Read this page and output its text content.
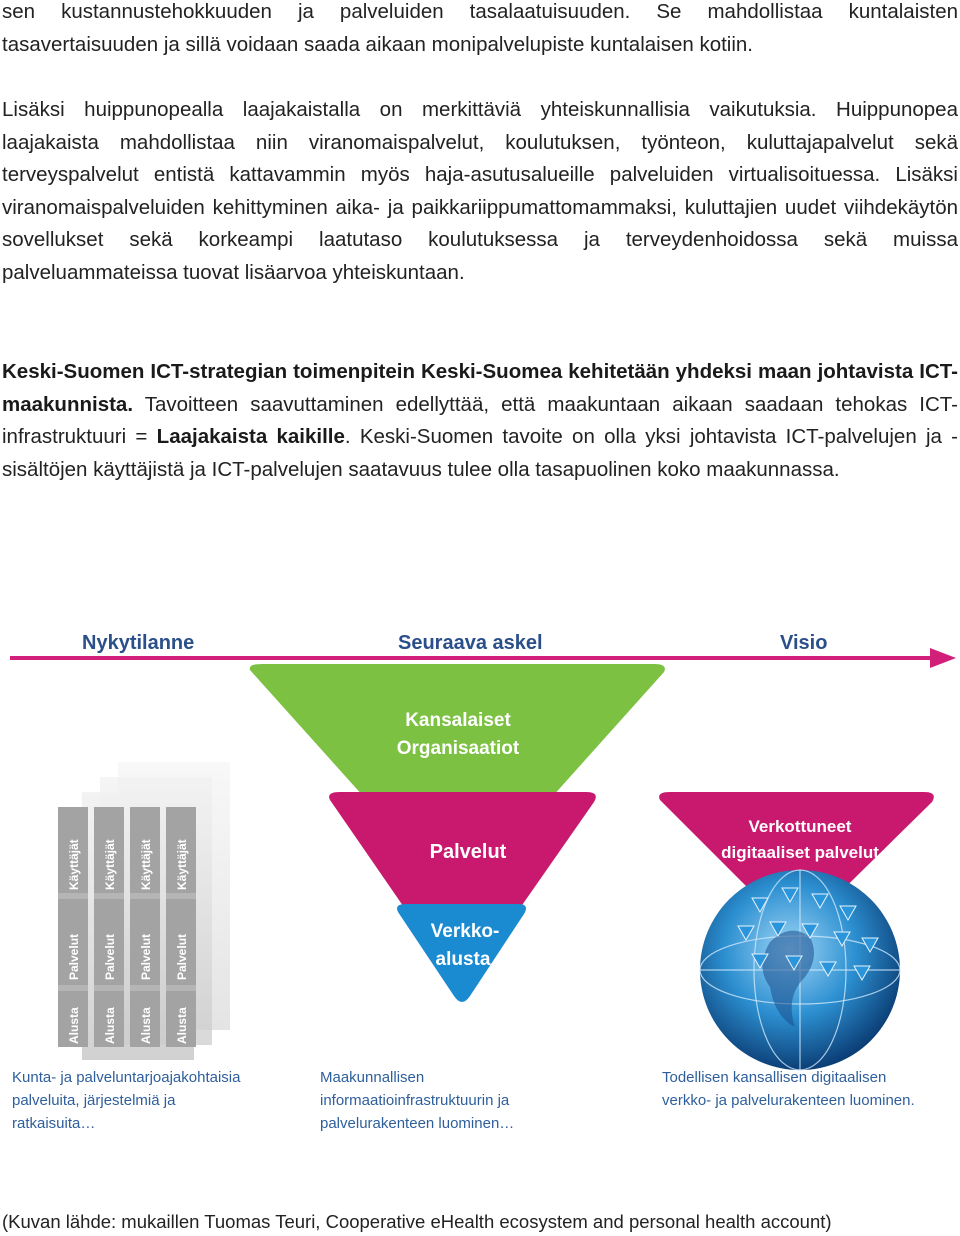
sen kustannustehokkuuden ja palveluiden tasalaatuisuuden. Se mahdollistaa kuntalaisten tasavertaisuuden ja sillä voidaan saada aikaan monipalvelupiste kuntalaisen kotiin.

Lisäksi huippunopealla laajakaistalla on merkittäviä yhteiskunnallisia vaikutuksia. Huippunopea laajakaista mahdollistaa niin viranomaispalvelut, koulutuksen, työnteon, kuluttajapalvelut sekä terveyspalvelut entistä kattavammin myös haja-asutusalueille palveluiden virtualisoituessa. Lisäksi viranomaispalveluiden kehittyminen aika- ja paikkariippumattomammaksi, kuluttajien uudet viihdekäytön sovellukset sekä korkeampi laatutaso koulutuksessa ja terveydenhoidossa sekä muissa palveluammateissa tuovat lisäarvoa yhteiskuntaan.

Keski-Suomen ICT-strategian toimenpitein Keski-Suomea kehitetään yhdeksi maan johtavista ICT-maakunnista. Tavoitteen saavuttaminen edellyttää, että maakuntaan aikaan saadaan tehokas ICT-infrastruktuuri = Laajakaista kaikille. Keski-Suomen tavoite on olla yksi johtavista ICT-palvelujen ja -sisältöjen käyttäjistä ja ICT-palvelujen saatavuus tulee olla tasapuolinen koko maakunnassa.

Nykytilanne	Seuraava askel	Visio
Käyttäjät
Palvelut
Alusta
Käyttäjät
Palvelut
Alusta
Käyttäjät
Palvelut
Alusta
Käyttäjät
Palvelut
Alusta
Kansalaiset
Organisaatiot
Palvelut
Verkko-
alusta
Verkottuneet
digitaaliset palvelut
Kunta- ja palveluntarjoajakohtaisia
palveluita, järjestelmiä ja
ratkaisuita…
Maakunnallisen
informaatioinfrastruktuurin ja
palvelurakenteen luominen…
Todellisen kansallisen digitaalisen
verkko- ja palvelurakenteen luominen.

(Kuvan lähde: mukaillen Tuomas Teuri, Cooperative eHealth ecosystem and personal health account)
